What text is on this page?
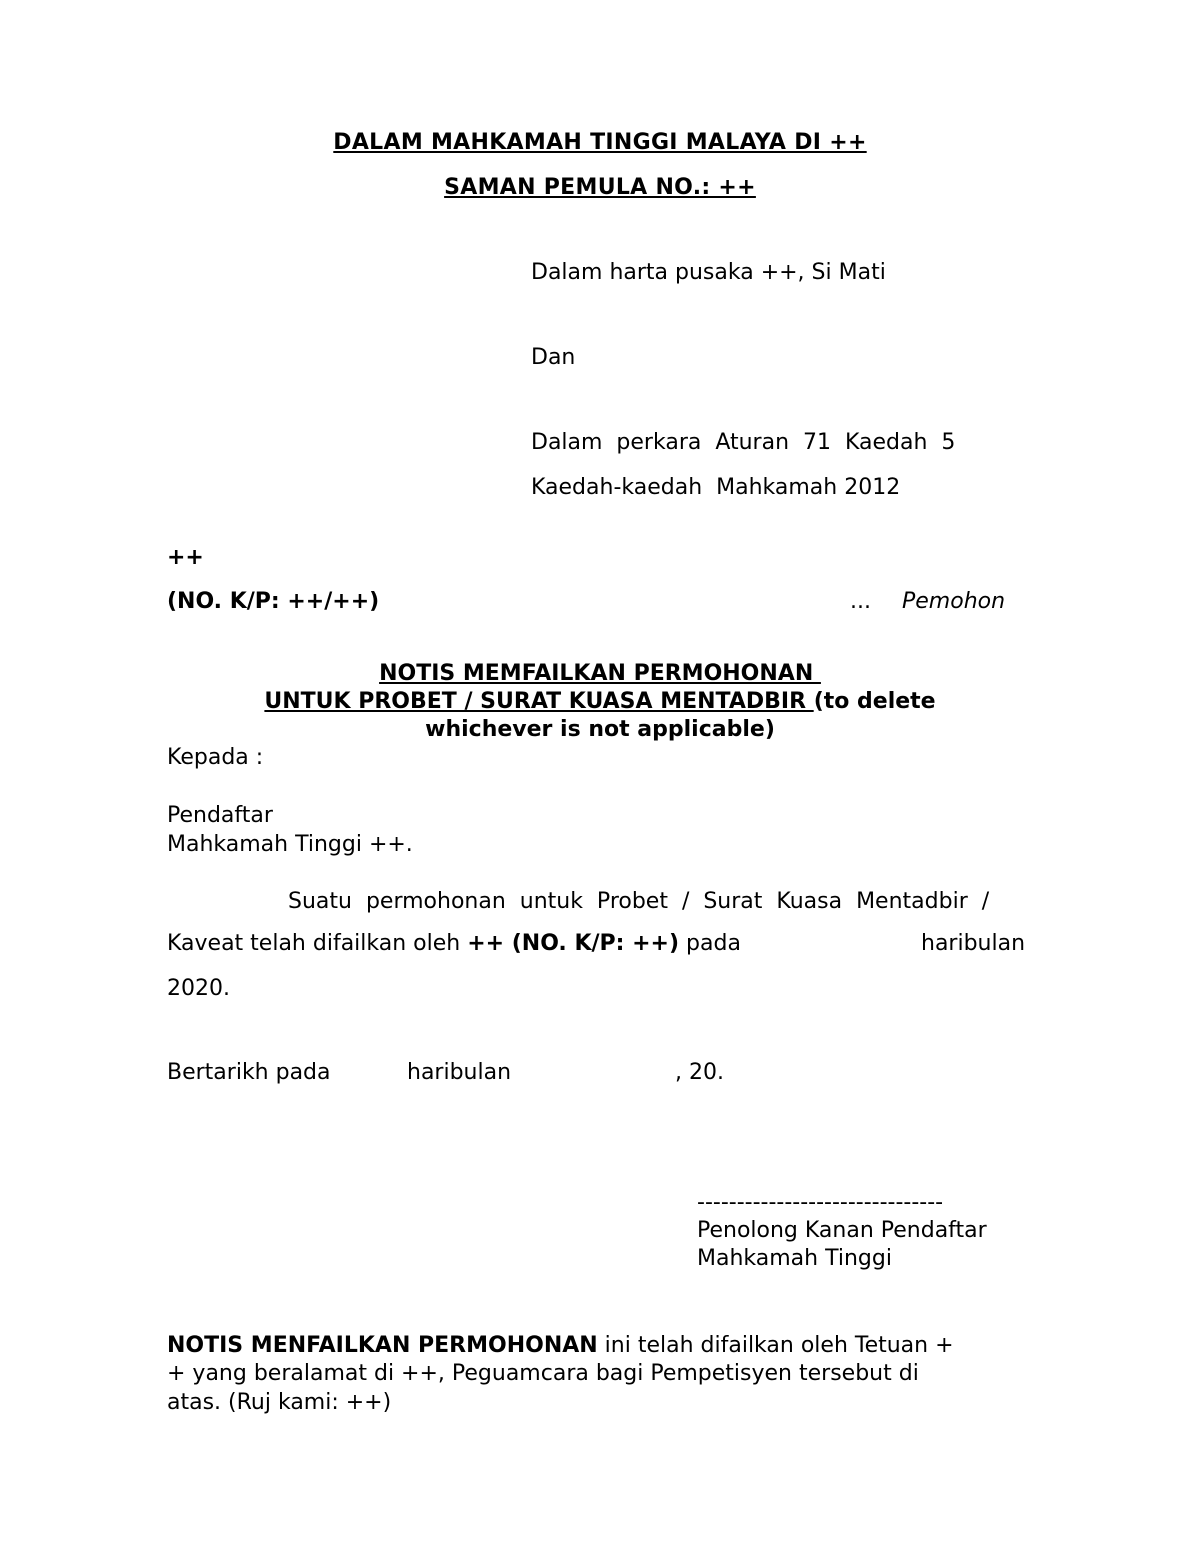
DALAM MAHKAMAH TINGGI MALAYA DI ++
SAMAN PEMULA NO.: ++
Dalam harta pusaka ++, Si Mati
Dan
Dalam  perkara  Aturan  71  Kaedah  5
Kaedah-kaedah  Mahkamah 2012
++
(NO. K/P: ++/++)	... Pemohon
NOTIS MEMFAILKAN PERMOHONAN
UNTUK PROBET / SURAT KUASA MENTADBIR (to delete
whichever is not applicable)
Kepada :
Pendaftar
Mahkamah Tinggi ++.
Suatu  permohonan  untuk  Probet  /  Surat  Kuasa  Mentadbir  /
Kaveat telah difailkan oleh ++ (NO. K/P: ++) pada	haribulan
2020.
Bertarikh pada	haribulan	, 20.
-------------------------------
Penolong Kanan Pendaftar
Mahkamah Tinggi
NOTIS MENFAILKAN PERMOHONAN ini telah difailkan oleh Tetuan +
+ yang beralamat di ++, Peguamcara bagi Pempetisyen tersebut di
atas. (Ruj kami: ++)
